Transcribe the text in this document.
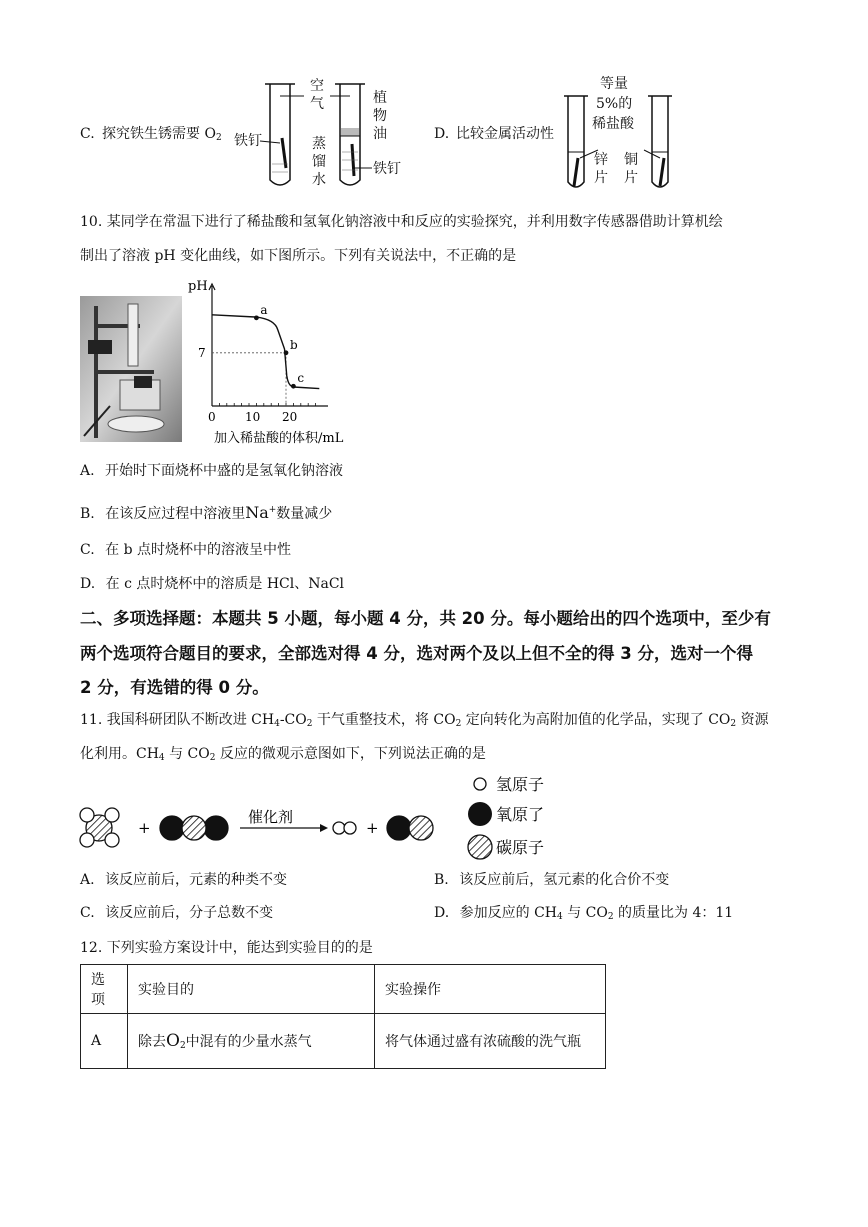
C. 探究铁生锈需要 $O_2$
空
气	植
物
油
铁钉	蒸
馏
水
铁钉
D. 比较金属活动性
等量
5%的
稀盐酸
锌
片
铜
片
10. 某同学在常温下进行了稀盐酸和氢氧化钠溶液中和反应的实验探究，并利用数字传感器借助计算机绘
制出了溶液 pH 变化曲线，如下图所示。下列有关说法中，不正确的是
0 10 20
7
a
b
c
pH
加入稀盐酸的体积/mL
A. 开始时下面烧杯中盛的是氢氧化钠溶液
B. 在该反应过程中溶液里Na+数量减少
C. 在 b 点时烧杯中的溶液呈中性
D. 在 c 点时烧杯中的溶质是 HCl、NaCl
二、多项选择题：本题共 5 小题，每小题 4 分，共 20 分。每小题给出的四个选项中，至少有
两个选项符合题目的要求，全部选对得 4 分，选对两个及以上但不全的得 3 分，选对一个得
2 分，有选错的得 0 分。
11. 我国科研团队不断改进 $CH_4-CO_2$ 干气重整技术，将 $CO_2$ 定向转化为高附加值的化学品，实现了 $CO_2$ 资源
化利用。$CH_4$ 与 $CO_2$ 反应的微观示意图如下，下列说法正确的是
+
催化剂
+
氢原子
氧原了
碳原子
A. 该反应前后，元素的种类不变	B. 该反应前后，氢元素的化合价不变
C. 该反应前后，分子总数不变	D. 参加反应的 $CH_4$ 与 $CO_2$ 的质量比为 4：11
12. 下列实验方案设计中，能达到实验目的的是
选项	实验目的	实验操作
A	除去$O_2$中混有的少量水蒸气	将气体通过盛有浓硫酸的洗气瓶
